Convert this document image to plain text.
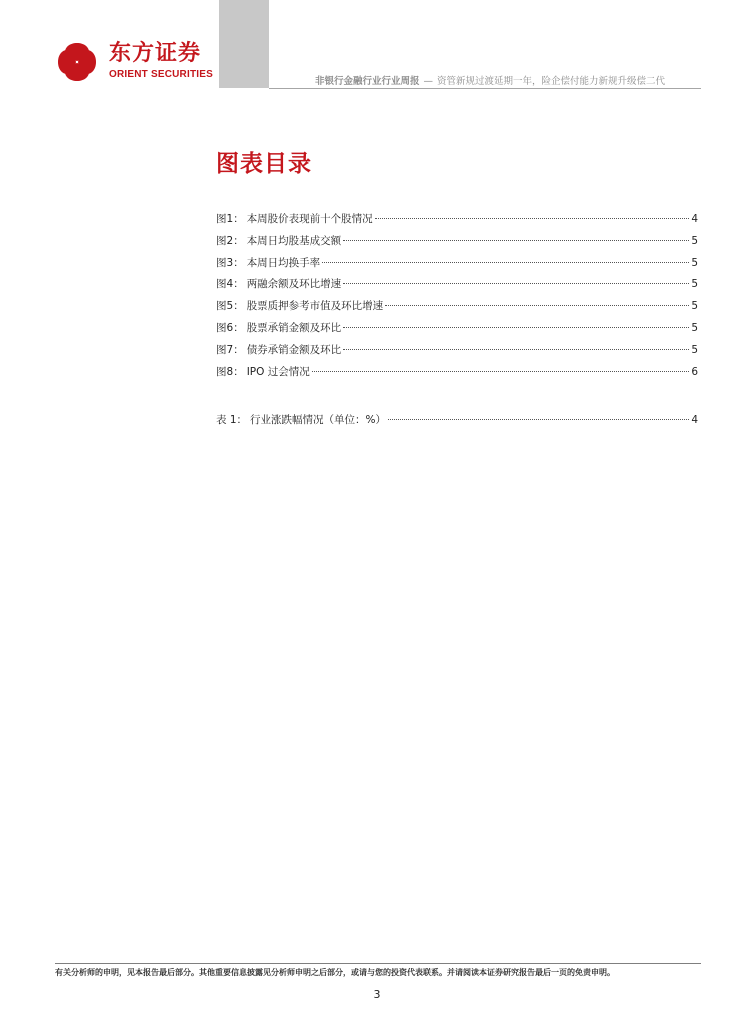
东方证券
ORIENT SECURITIES
非银行金融行业行业周报 — 资管新规过渡延期一年，险企偿付能力新规升级偿二代
图表目录
图1 ： 本周股价表现前十个股情况	4
图2 ： 本周日均股基成交额	5
图3 ： 本周日均换手率	5
图4 ： 两融余额及环比增速	5
图5 ： 股票质押参考市值及环比增速	5
图6 ： 股票承销金额及环比	5
图7 ： 债券承销金额及环比	5
图8 ： IPO 过会情况	6
表 1 ： 行业涨跌幅情况（单位：%）	4
有关分析师的申明，见本报告最后部分。其他重要信息披露见分析师申明之后部分，或请与您的投资代表联系。并请阅读本证券研究报告最后一页的免责申明。
3
